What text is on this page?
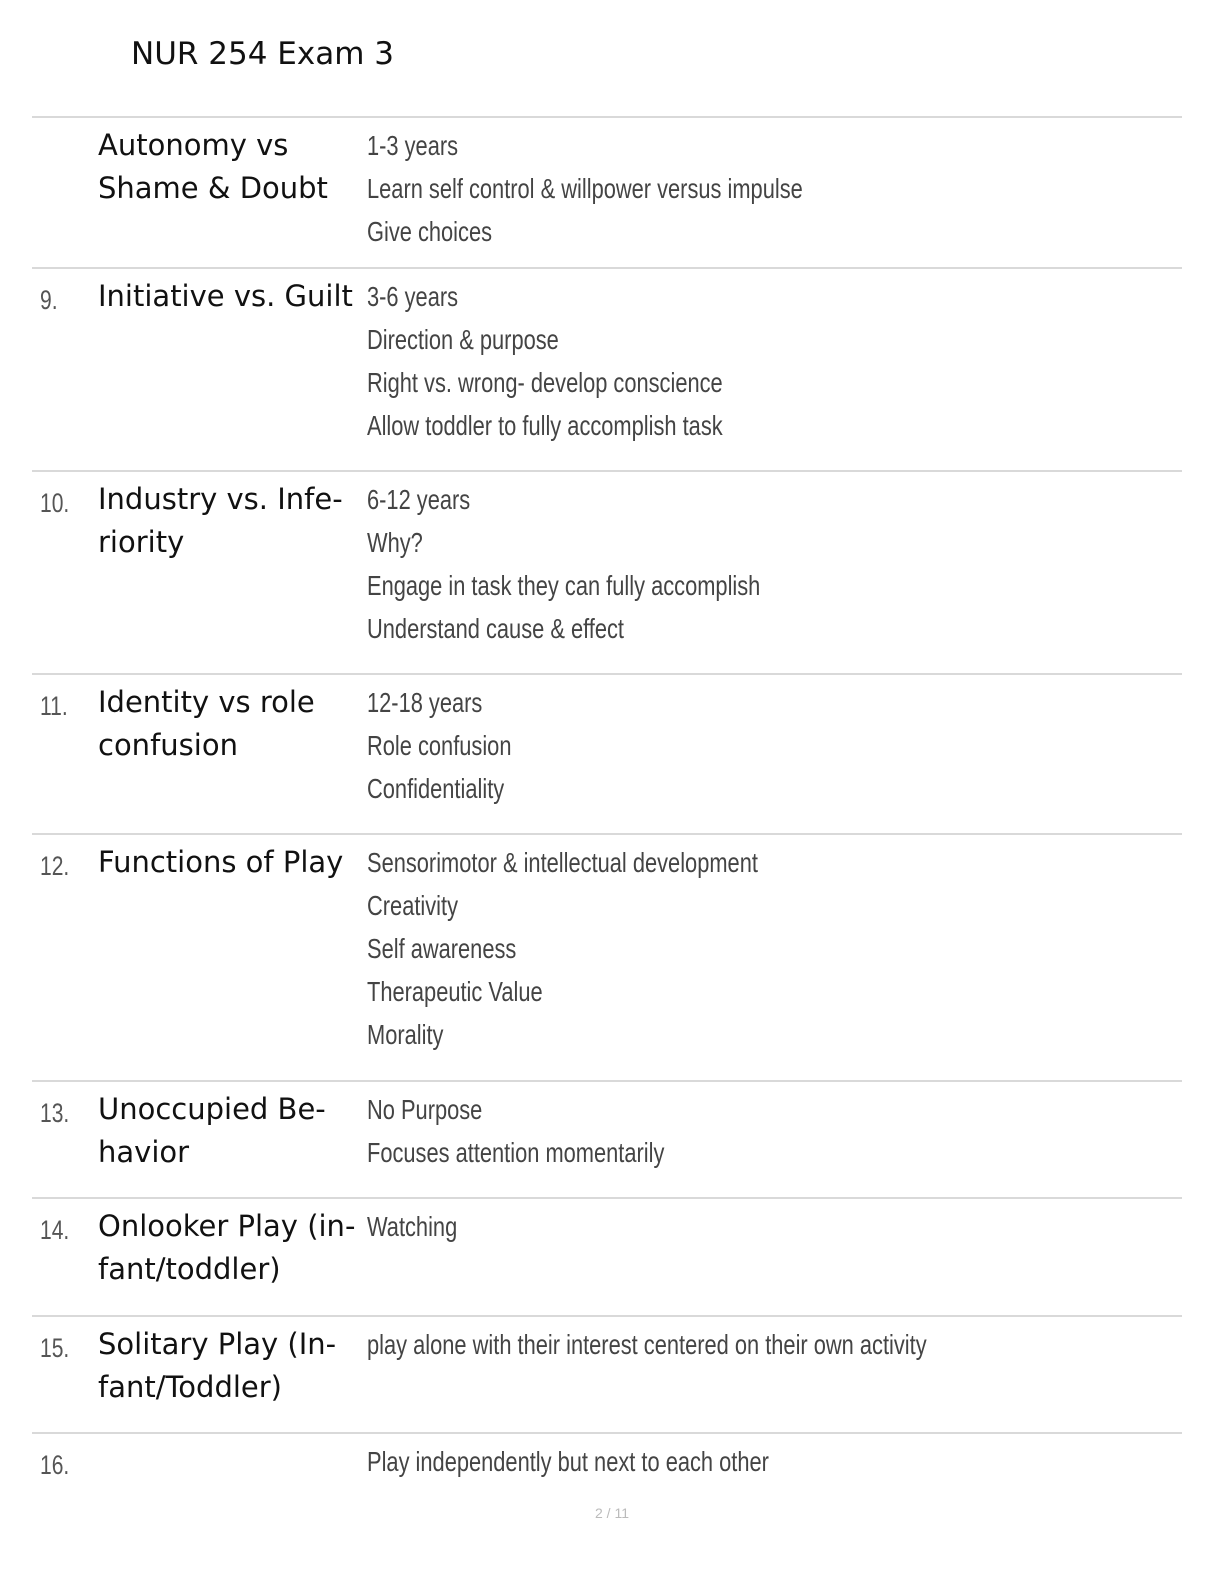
NUR 254 Exam 3
Autonomy vs
Shame & Doubt
1-3 years
Learn self control & willpower versus impulse
Give choices
9. Initiative vs. Guilt 3-6 years
Direction & purpose
Right vs. wrong- develop conscience
Allow toddler to fully accomplish task
10. Industry vs. Infe-
riority
6-12 years
Why?
Engage in task they can fully accomplish
Understand cause & effect
11. Identity vs role
confusion
12-18 years
Role confusion
Confidentiality
12. Functions of Play Sensorimotor & intellectual development
Creativity
Self awareness
Therapeutic Value
Morality
13. Unoccupied Be-
havior
No Purpose
Focuses attention momentarily
14. Onlooker Play (in-
fant/toddler)
Watching
15. Solitary Play (In-
fant/Toddler)
play alone with their interest centered on their own activity
16.	Play independently but next to each other
2 / 11
